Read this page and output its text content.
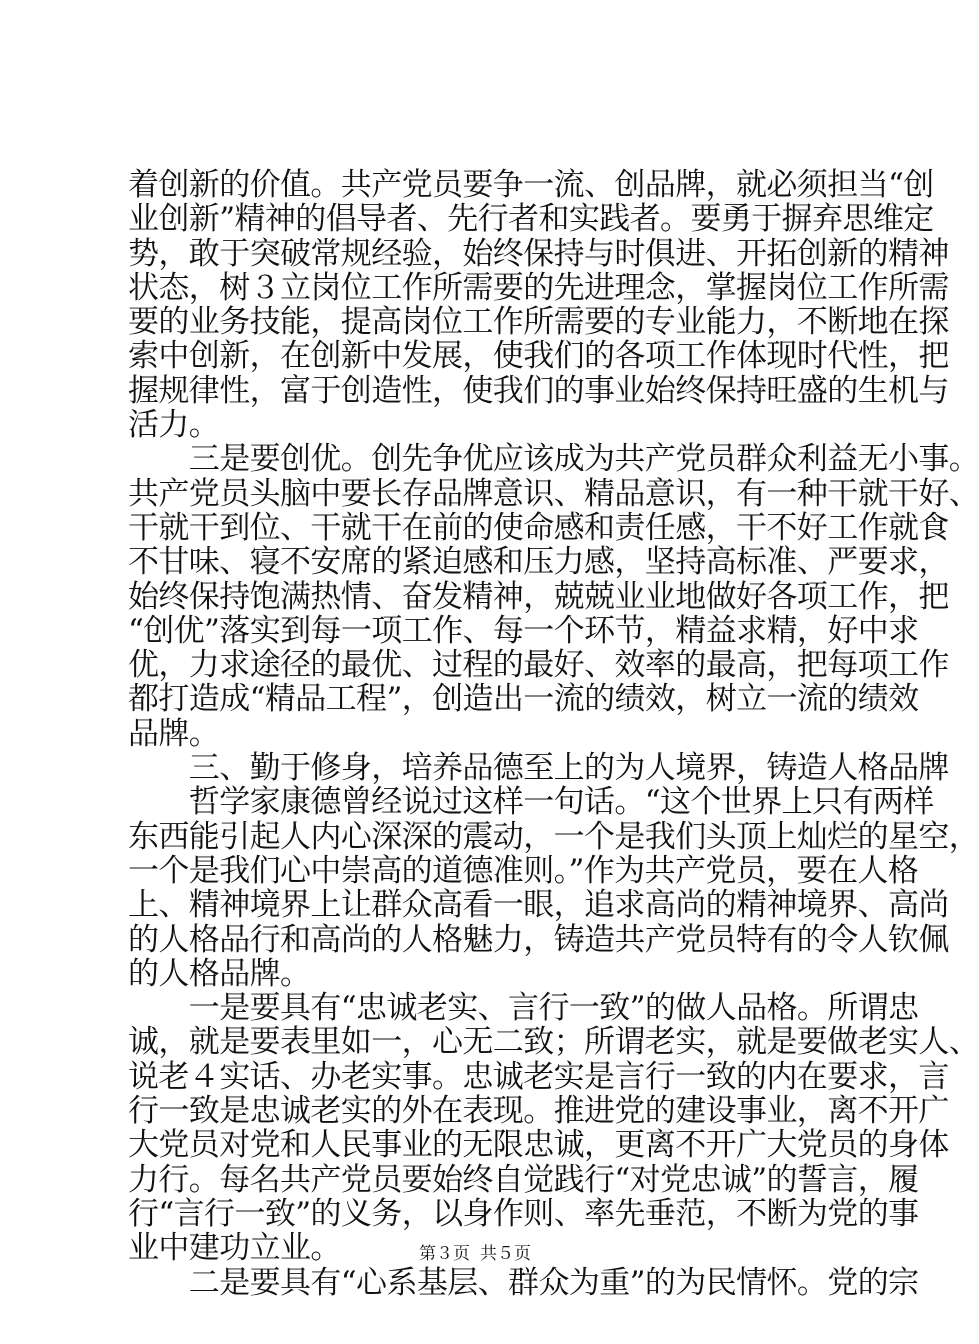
着创新的价值。共产党员要争一流、创品牌，就必须担当“创
业创新”精神的倡导者、先行者和实践者。要勇于摒弃思维定
势，敢于突破常规经验，始终保持与时俱进、开拓创新的精神
状态，树３立岗位工作所需要的先进理念，掌握岗位工作所需
要的业务技能，提高岗位工作所需要的专业能力，不断地在探
索中创新，在创新中发展，使我们的各项工作体现时代性，把
握规律性，富于创造性，使我们的事业始终保持旺盛的生机与
活力。
　　三是要创优。创先争优应该成为共产党员群众利益无小事。
共产党员头脑中要长存品牌意识、精品意识，有一种干就干好、
干就干到位、干就干在前的使命感和责任感，干不好工作就食
不甘味、寝不安席的紧迫感和压力感，坚持高标准、严要求，
始终保持饱满热情、奋发精神，兢兢业业地做好各项工作，把
“创优”落实到每一项工作、每一个环节，精益求精，好中求
优，力求途径的最优、过程的最好、效率的最高，把每项工作
都打造成“精品工程”，创造出一流的绩效，树立一流的绩效
品牌。
　　三、勤于修身，培养品德至上的为人境界，铸造人格品牌
　　哲学家康德曾经说过这样一句话。“这个世界上只有两样
东西能引起人内心深深的震动，一个是我们头顶上灿烂的星空，
一个是我们心中崇高的道德准则。”作为共产党员，要在人格
上、精神境界上让群众高看一眼，追求高尚的精神境界、高尚
的人格品行和高尚的人格魅力，铸造共产党员特有的令人钦佩
的人格品牌。
　　一是要具有“忠诚老实、言行一致”的做人品格。所谓忠
诚，就是要表里如一，心无二致；所谓老实，就是要做老实人、
说老４实话、办老实事。忠诚老实是言行一致的内在要求，言
行一致是忠诚老实的外在表现。推进党的建设事业，离不开广
大党员对党和人民事业的无限忠诚，更离不开广大党员的身体
力行。每名共产党员要始终自觉践行“对党忠诚”的誓言，履
行“言行一致”的义务，以身作则、率先垂范，不断为党的事
业中建功立业。
　　二是要具有“心系基层、群众为重”的为民情怀。党的宗
第３页 共５页
